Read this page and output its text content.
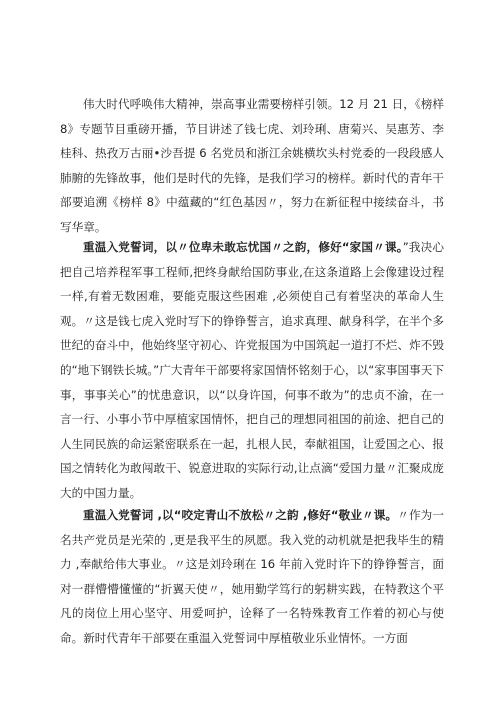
伟大时代呼唤伟大精神，崇高事业需要榜样引领。12 月 21 日，《榜样 8》专题节目重磅开播，节目讲述了钱七虎、刘玲琍、唐菊兴、吴惠芳、李桂科、热孜万古丽•沙吾提 6 名党员和浙江余姚横坎头村党委的一段段感人肺腑的先锋故事，他们是时代的先锋，是我们学习的榜样。新时代的青年干部要追溯《榜样 8》中蕴藏的“红色基因〃，努力在新征程中接续奋斗，书写华章。

重温入党誓词，以〃位卑未敢忘忧国〃之韵，修好“家国〃课。”我决心把自己培养程军事工程师,把终身献给国防事业,在这条道路上会像建设过程一样,有着无数困难，要能克服这些困难 ,必须使自己有着坚决的革命人生观。〃这是钱七虎入党时写下的铮铮誓言，追求真理、献身科学，在半个多世纪的奋斗中，他始终坚守初心、许党报国为中国筑起一道打不烂、炸不毁的“地下钢铁长城。”广大青年干部要将家国情怀铭刻于心，以“家事国事天下事，事事关心”的忧患意识，以“以身许国，何事不敢为”的忠贞不渝，在一言一行、小事小节中厚植家国情怀，把自己的理想同祖国的前途、把自己的人生同民族的命运紧密联系在一起，扎根人民，奉献祖国，让爱国之心、报国之情转化为敢闯敢干、锐意进取的实际行动,让点滴“爱国力量〃汇聚成庞大的中国力量。

重温入党誓词 ,以“咬定青山不放松〃之韵 ,修好“敬业〃课。〃作为一名共产党员是光荣的 ,更是我平生的夙愿。我入党的动机就是把我毕生的精力 ,奉献给伟大事业。〃这是刘玲琍在 16 年前入党时许下的铮铮誓言，面对一群懵懵懂懂的“折翼天使〃，她用勤学笃行的躬耕实践，在特教这个平凡的岗位上用心坚守、用爱呵护，诠释了一名特殊教育工作着的初心与使命。新时代青年干部要在重温入党誓词中厚植敬业乐业情怀。一方面
